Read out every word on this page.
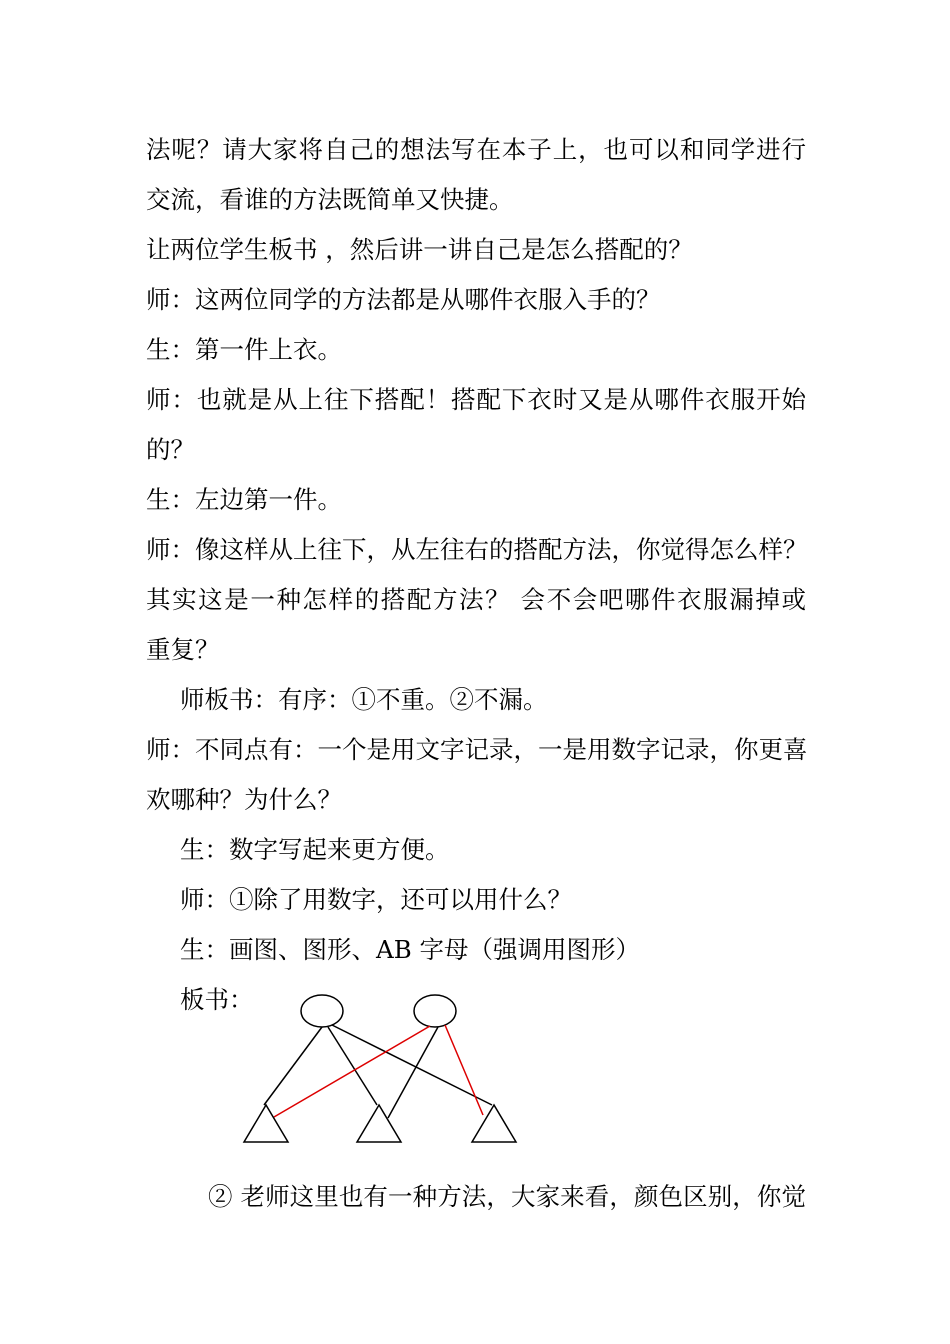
法呢？请大家将自己的想法写在本子上，也可以和同学进行
交流，看谁的方法既简单又快捷。
让两位学生板书 ，然后讲一讲自己是怎么搭配的？
师：这两位同学的方法都是从哪件衣服入手的？
生：第一件上衣。
师：也就是从上往下搭配！搭配下衣时又是从哪件衣服开始
的？
生：左边第一件。
师：像这样从上往下，从左往右的搭配方法，你觉得怎么样？
其实这是一种怎样的搭配方法？ 会不会吧哪件衣服漏掉或
重复？
师板书：有序：①不重。②不漏。
师：不同点有：一个是用文字记录，一是用数字记录，你更喜
欢哪种？为什么？
生：数字写起来更方便。
师：①除了用数字，还可以用什么？
生：画图、图形、AB 字母（强调用图形）
板书：
② 老师这里也有一种方法，大家来看，颜色区别，你觉
